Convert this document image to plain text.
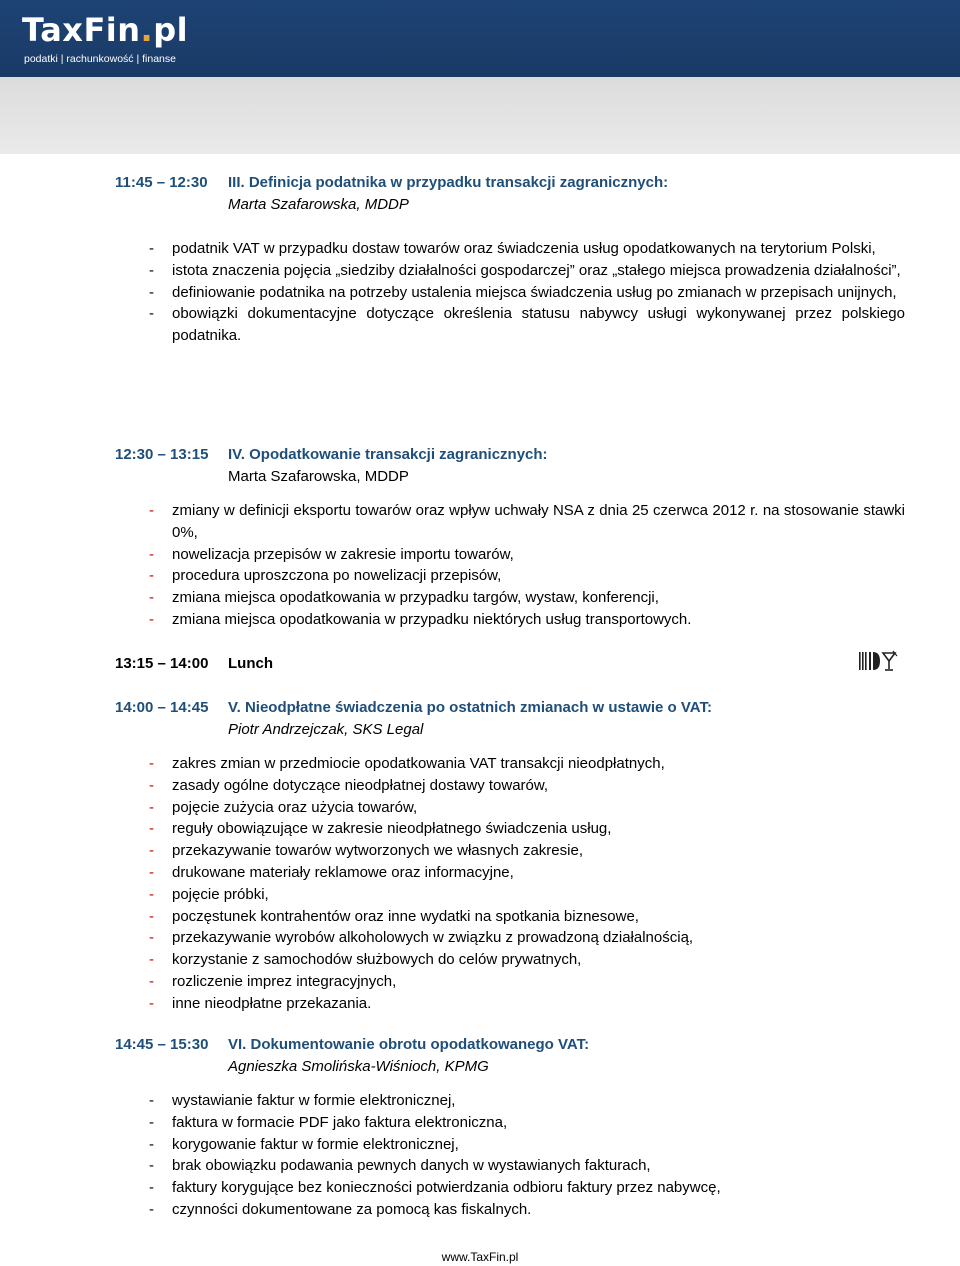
TaxFin.pl
podatki | rachunkowość | finanse
11:45 – 12:30 III. Definicja podatnika w przypadku transakcji zagranicznych:
Marta Szafarowska, MDDP
- podatnik VAT w przypadku dostaw towarów oraz świadczenia usług opodatkowanych na terytorium Polski,
- istota znaczenia pojęcia „siedziby działalności gospodarczej” oraz „stałego miejsca prowadzenia działalności”,
- definiowanie podatnika na potrzeby ustalenia miejsca świadczenia usług po zmianach w przepisach unijnych,
- obowiązki dokumentacyjne dotyczące określenia statusu nabywcy usługi wykonywanej przez polskiego podatnika.
12:30 – 13:15 IV. Opodatkowanie transakcji zagranicznych:
Marta Szafarowska, MDDP
- zmiany w definicji eksportu towarów oraz wpływ uchwały NSA z dnia 25 czerwca 2012 r. na stosowanie stawki 0%,
- nowelizacja przepisów w zakresie importu towarów,
- procedura uproszczona po nowelizacji przepisów,
- zmiana miejsca opodatkowania w przypadku targów, wystaw, konferencji,
- zmiana miejsca opodatkowania w przypadku niektórych usług transportowych.
13:15 – 14:00 Lunch
14:00 – 14:45 V. Nieodpłatne świadczenia po ostatnich zmianach w ustawie o VAT:
Piotr Andrzejczak, SKS Legal
- zakres zmian w przedmiocie opodatkowania VAT transakcji nieodpłatnych,
- zasady ogólne dotyczące nieodpłatnej dostawy towarów,
- pojęcie zużycia oraz użycia towarów,
- reguły obowiązujące w zakresie nieodpłatnego świadczenia usług,
- przekazywanie towarów wytworzonych we własnych zakresie,
- drukowane materiały reklamowe oraz informacyjne,
- pojęcie próbki,
- poczęstunek kontrahentów oraz inne wydatki na spotkania biznesowe,
- przekazywanie wyrobów alkoholowych w związku z prowadzoną działalnością,
- korzystanie z samochodów służbowych do celów prywatnych,
- rozliczenie imprez integracyjnych,
- inne nieodpłatne przekazania.
14:45 – 15:30 VI. Dokumentowanie obrotu opodatkowanego VAT:
Agnieszka Smolińska-Wiśnioch, KPMG
- wystawianie faktur w formie elektronicznej,
- faktura w formacie PDF jako faktura elektroniczna,
- korygowanie faktur w formie elektronicznej,
- brak obowiązku podawania pewnych danych w wystawianych fakturach,
- faktury korygujące bez konieczności potwierdzania odbioru faktury przez nabywcę,
- czynności dokumentowane za pomocą kas fiskalnych.
www.TaxFin.pl
